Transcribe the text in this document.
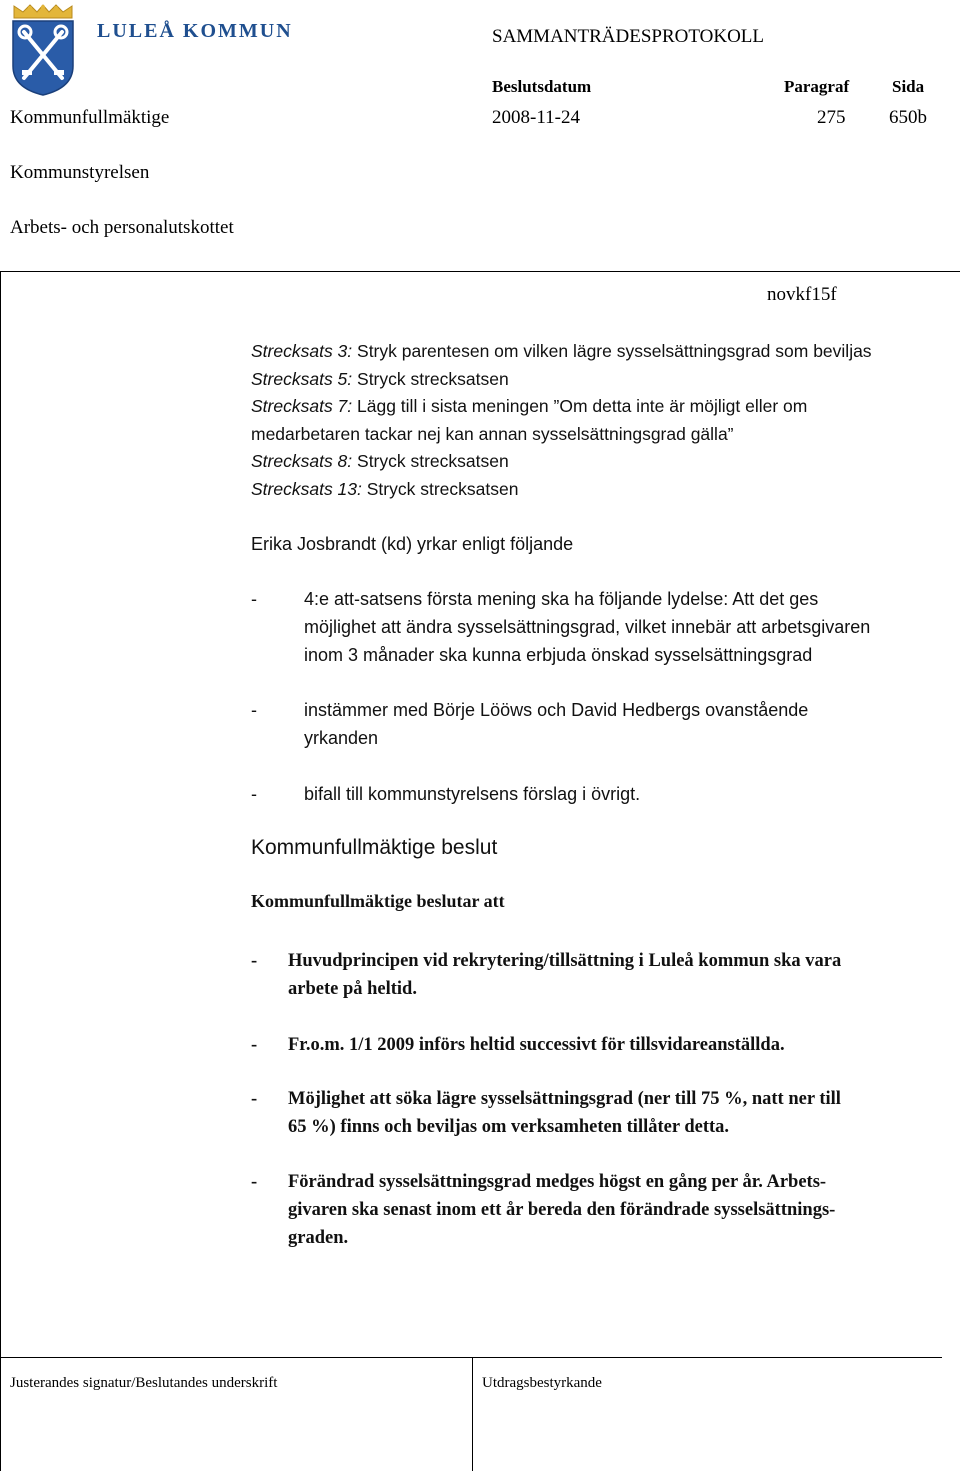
LULEÅ KOMMUN	SAMMANTRÄDESPROTOKOLL
Beslutsdatum	Paragraf	Sida
Kommunfullmäktige	2008-11-24	275 650b
Kommunstyrelsen
Arbets- och personalutskottet
novkf15f
Strecksats 3: Stryk parentesen om vilken lägre sysselsättningsgrad som beviljas
Strecksats 5: Stryck strecksatsen
Strecksats 7: Lägg till i sista meningen ”Om detta inte är möjligt eller om
medarbetaren tackar nej kan annan sysselsättningsgrad gälla”
Strecksats 8: Stryck strecksatsen
Strecksats 13: Stryck strecksatsen
Erika Josbrandt (kd) yrkar enligt följande
-	4:e att-satsens första mening ska ha följande lydelse: Att det ges
möjlighet att ändra sysselsättningsgrad, vilket innebär att arbetsgivaren
inom 3 månader ska kunna erbjuda önskad sysselsättningsgrad
-	instämmer med Börje Lööws och David Hedbergs ovanstående
yrkanden
-	bifall till kommunstyrelsens förslag i övrigt.
Kommunfullmäktige beslut
Kommunfullmäktige beslutar att
- Huvudprincipen vid rekrytering/tillsättning i Luleå kommun ska vara
arbete på heltid.
- Fr.o.m. 1/1 2009 införs heltid successivt för tillsvidareanställda.
- Möjlighet att söka lägre sysselsättningsgrad (ner till 75 %, natt ner till
65 %) finns och beviljas om verksamheten tillåter detta.
- Förändrad sysselsättningsgrad medges högst en gång per år. Arbets-
givaren ska senast inom ett år bereda den förändrade sysselsättnings-
graden.
Justerandes signatur/Beslutandes underskrift	Utdragsbestyrkande
